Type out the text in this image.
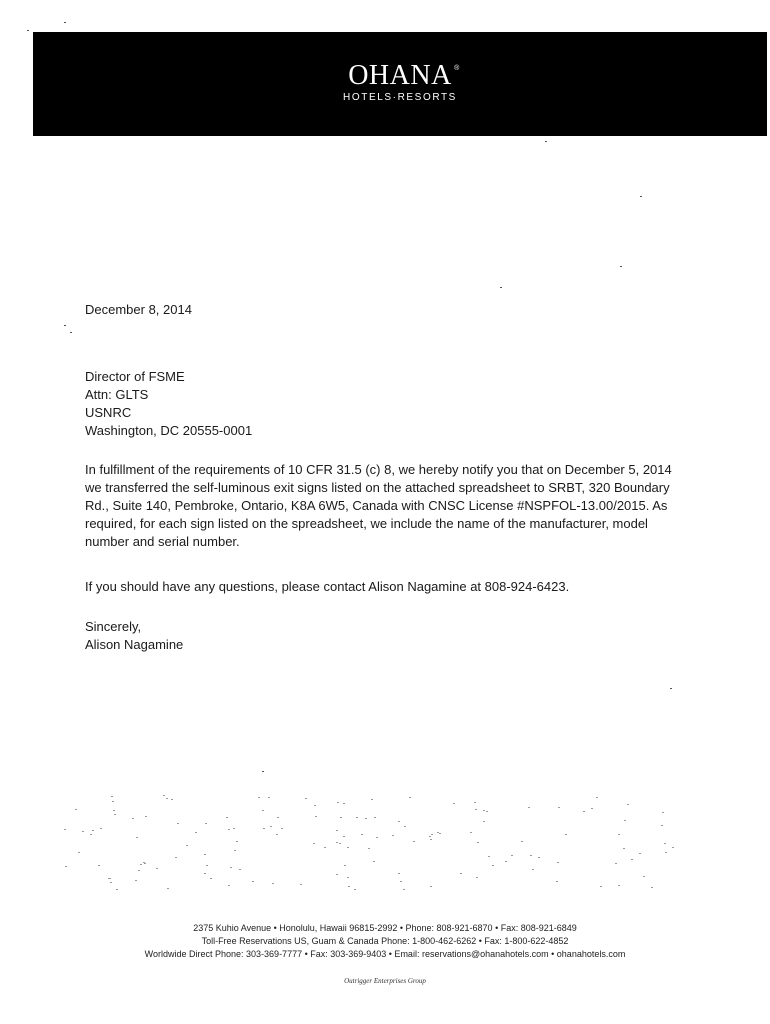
OHANA ®
HOTELS·RESORTS
December 8, 2014
Director of FSME
Attn: GLTS
USNRC
Washington, DC 20555-0001
In fulfillment of the requirements of 10 CFR 31.5 (c) 8, we hereby notify you that on December 5, 2014 we transferred the self-luminous exit signs listed on the attached spreadsheet to SRBT, 320 Boundary Rd., Suite 140, Pembroke, Ontario, K8A 6W5, Canada with CNSC License #NSPFOL-13.00/2015. As required, for each sign listed on the spreadsheet, we include the name of the manufacturer, model number and serial number.
If you should have any questions, please contact Alison Nagamine at 808-924-6423.
Sincerely,
Alison Nagamine
2375 Kuhio Avenue • Honolulu, Hawaii 96815-2992 • Phone: 808-921-6870 • Fax: 808-921-6849
Toll-Free Reservations US, Guam & Canada Phone: 1-800-462-6262 • Fax: 1-800-622-4852
Worldwide Direct Phone: 303-369-7777 • Fax: 303-369-9403 • Email: reservations@ohanahotels.com • ohanahotels.com
Outrigger Enterprises Group
